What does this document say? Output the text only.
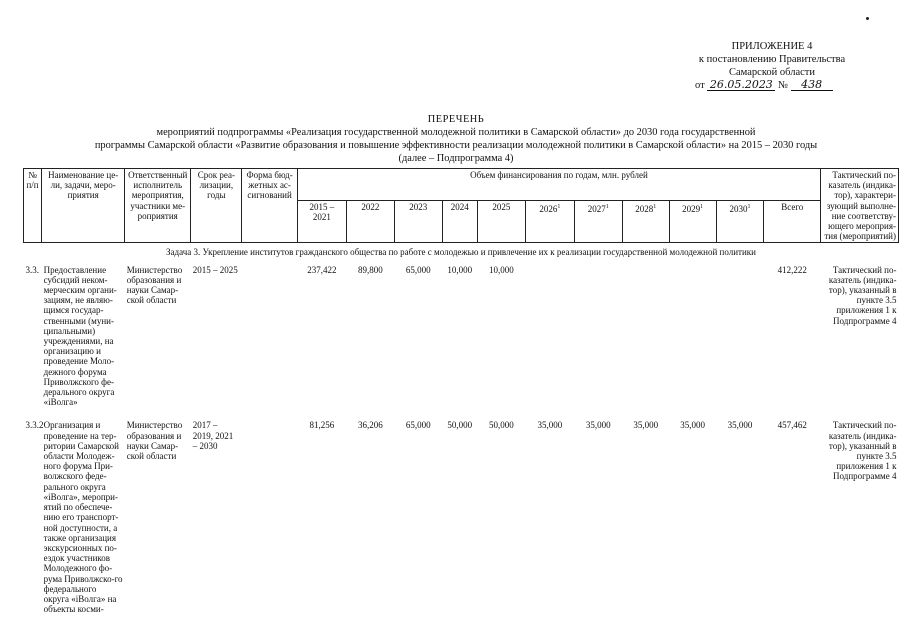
ПРИЛОЖЕНИЕ 4
к постановлению Правительства
Самарской области
от 26.05.2023 № 438
ПЕРЕЧЕНЬ
мероприятий подпрограммы «Реализация государственной молодежной политики в Самарской области» до 2030 года государственной
программы Самарской области «Развитие образования и повышение эффективности реализации молодежной политики в Самарской области» на 2015 – 2030 годы
(далее – Подпрограмма 4)
№ п/п	Наименование це-ли, задачи, меро-приятия	Ответственный исполнитель мероприятия, участники ме-роприятия	Срок реа-лизации, годы	Форма бюд-жетных ас-сигнований	Объем финансирования по годам, млн. рублей											Тактический по-казатель (индика-тор), характери-зующий выполне-ние соответству-ющего мероприя-тия (мероприятий)
					2015 – 2021	2022	2023	2024	2025	2026$^1$	2027$^1$	2028$^1$	2029$^1$	2030$^1$	Всего	
Задача 3. Укрепление институтов гражданского общества по работе с молодежью и привлечение их к реализации государственной молодежной политики																
3.3.	Предоставление субсидий неком-мерческим органи-зациям, не являю-щимся государ-ственными (муни-ципальными) учреждениями, на организацию и проведение Моло-дежного форума Приволжского фе-дерального округа «iВолга»	Министерство образования и науки Самар-ской области	2015 – 2025		237,422	89,800	65,000	10,000	10,000						412,222	Тактический по-казатель (индика-тор), указанный в пункте 3.5 приложения 1 к Подпрограмме 4
3.3.2	Организация и проведение на тер-ритории Самарской области Молодеж-ного форума При-волжского феде-рального округа «iВолга», меропри-ятий по обеспече-нию его транспорт-ной доступности, а также организация экскурсионных по-ездок участников Молодежного фо-рума Приволжско-го федерального округа «iВолга» на объекты косми-	Министерство образования и науки Самар-ской области	2017 – 2019, 2021 – 2030		81,256	36,206	65,000	50,000	50,000	35,000	35,000	35,000	35,000	35,000	457,462	Тактический по-казатель (индика-тор), указанный в пункте 3.5 приложения 1 к Подпрограмме 4
